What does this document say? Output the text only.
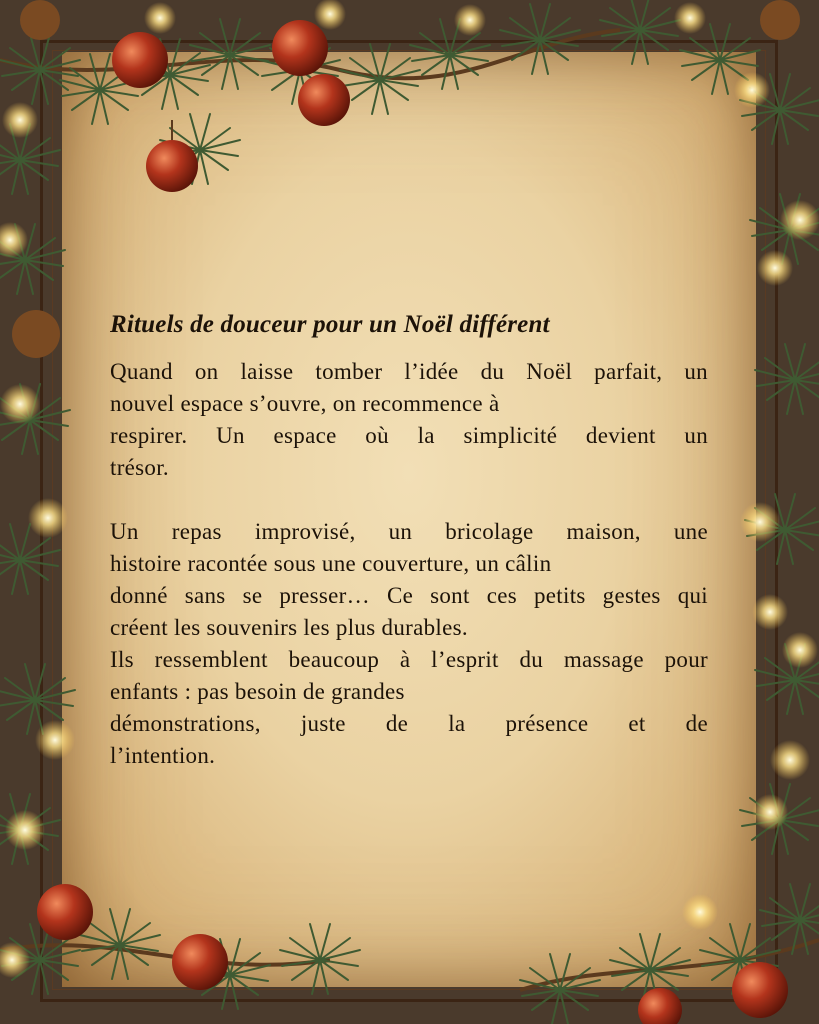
Rituels de douceur pour un Noël différent
Quand on laisse tomber l’idée du Noël parfait, un
nouvel espace s’ouvre, on recommence à
respirer. Un espace où la simplicité devient un
trésor.
Un repas improvisé, un bricolage maison, une
histoire racontée sous une couverture, un câlin
donné sans se presser… Ce sont ces petits gestes qui
créent les souvenirs les plus durables.
Ils ressemblent beaucoup à l’esprit du massage pour
enfants : pas besoin de grandes
démonstrations, juste de la présence et de
l’intention.
